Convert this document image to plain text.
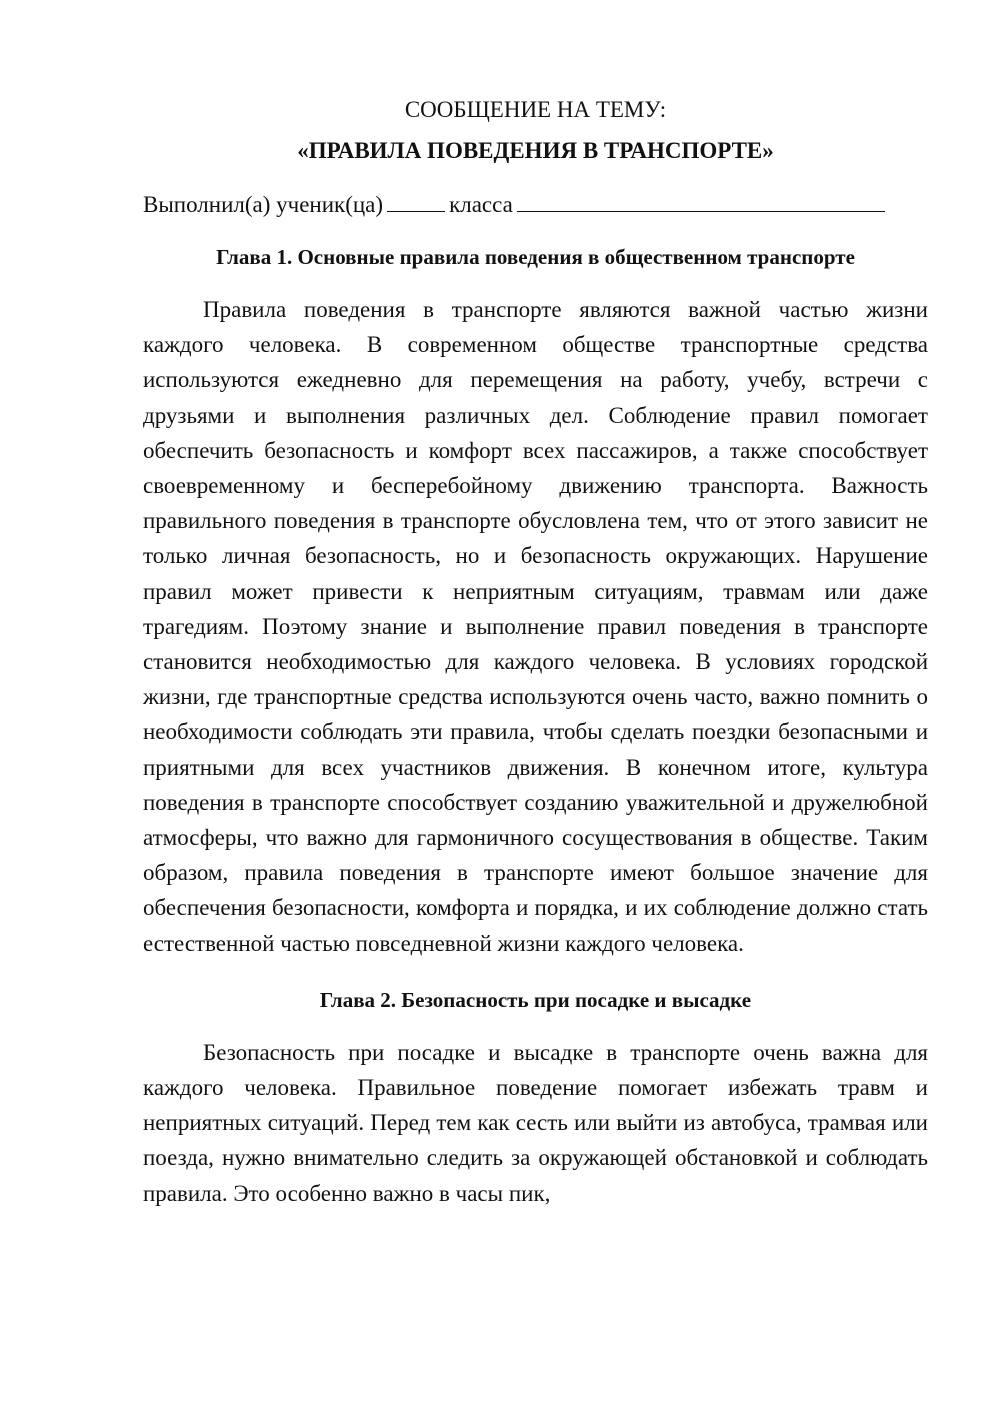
СООБЩЕНИЕ НА ТЕМУ:

«ПРАВИЛА ПОВЕДЕНИЯ В ТРАНСПОРТЕ»

Выполнил(а) ученик(ца)	класса

Глава 1. Основные правила поведения в общественном транспорте

Правила поведения в транспорте являются важной частью жизни каждого человека. В современном обществе транспортные средства используются ежедневно для перемещения на работу, учебу, встречи с друзьями и выполнения различных дел. Соблюдение правил помогает обеспечить безопасность и комфорт всех пассажиров, а также способствует своевременному и бесперебойному движению транспорта. Важность правильного поведения в транспорте обусловлена тем, что от этого зависит не только личная безопасность, но и безопасность окружающих. Нарушение правил может привести к неприятным ситуациям, травмам или даже трагедиям. Поэтому знание и выполнение правил поведения в транспорте становится необходимостью для каждого человека. В условиях городской жизни, где транспортные средства используются очень часто, важно помнить о необходимости соблюдать эти правила, чтобы сделать поездки безопасными и приятными для всех участников движения. В конечном итоге, культура поведения в транспорте способствует созданию уважительной и дружелюбной атмосферы, что важно для гармоничного сосуществования в обществе. Таким образом, правила поведения в транспорте имеют большое значение для обеспечения безопасности, комфорта и порядка, и их соблюдение должно стать естественной частью повседневной жизни каждого человека.

Глава 2. Безопасность при посадке и высадке

Безопасность при посадке и высадке в транспорте очень важна для каждого человека. Правильное поведение помогает избежать травм и неприятных ситуаций. Перед тем как сесть или выйти из автобуса, трамвая или поезда, нужно внимательно следить за окружающей обстановкой и соблюдать правила. Это особенно важно в часы пик,
